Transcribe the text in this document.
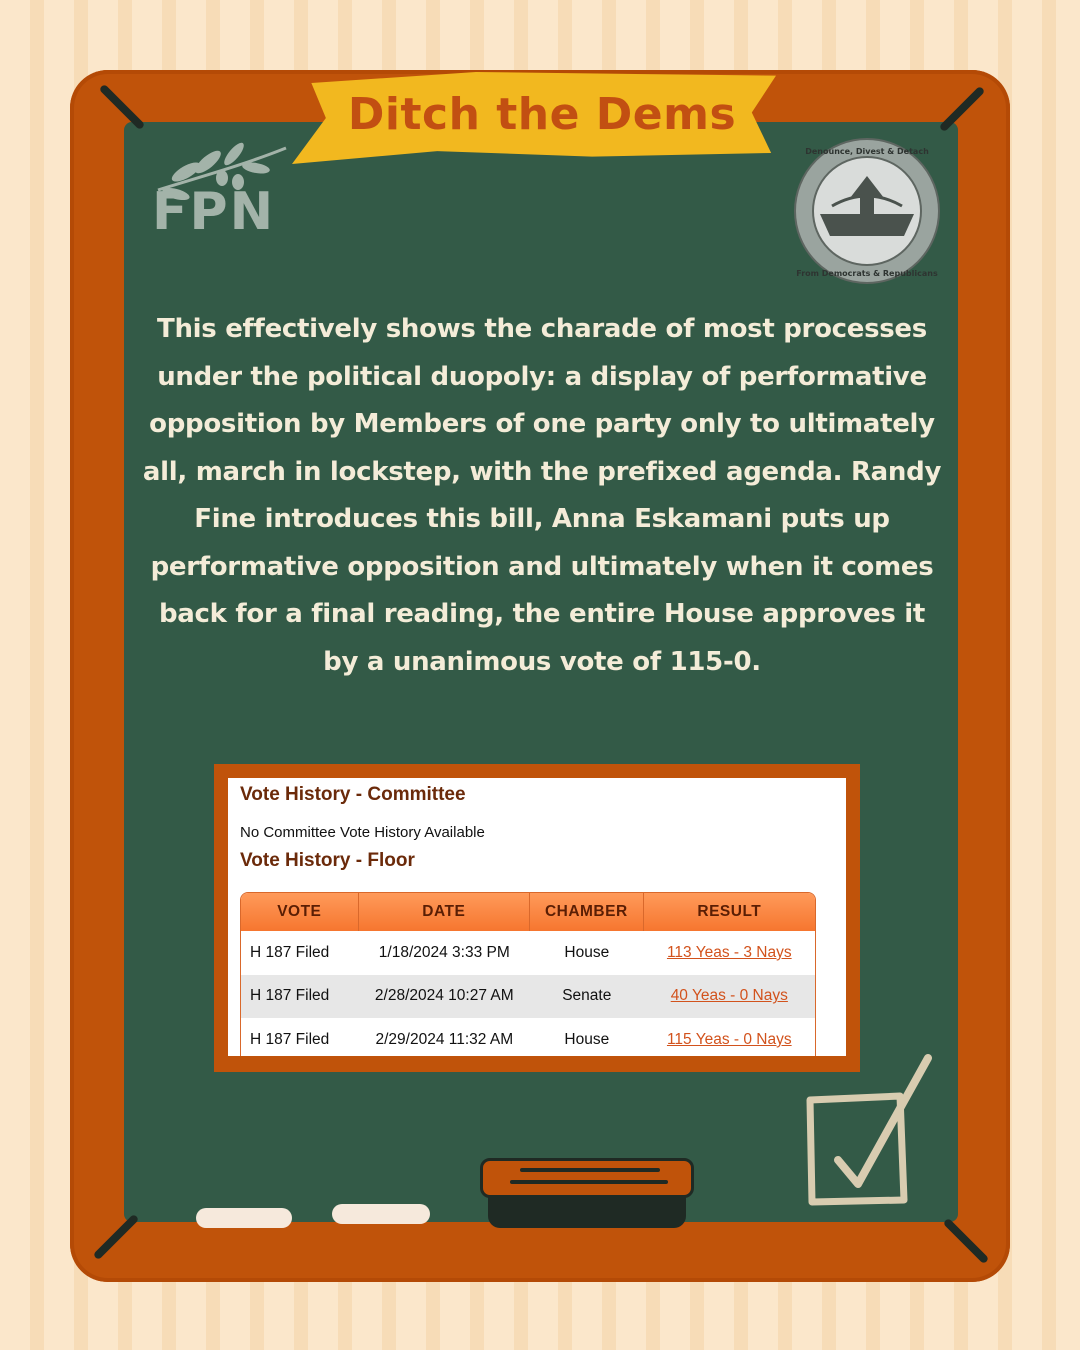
Ditch the Dems
FPN
Denounce, Divest & Detach
From Democrats & Republicans
This effectively shows the charade of most processes
under the political duopoly: a display of performative
opposition by Members of one party only to ultimately
all, march in lockstep, with the prefixed agenda. Randy
Fine introduces this bill, Anna Eskamani puts up
performative opposition and ultimately when it comes
back for a final reading, the entire House approves it
by a unanimous vote of 115-0.
Vote History - Committee
No Committee Vote History Available
Vote History - Floor
VOTE	DATE	CHAMBER	RESULT
H 187 Filed	1/18/2024 3:33 PM	House	113 Yeas - 3 Nays
H 187 Filed	2/28/2024 10:27 AM	Senate	40 Yeas - 0 Nays
H 187 Filed	2/29/2024 11:32 AM	House	115 Yeas - 0 Nays
